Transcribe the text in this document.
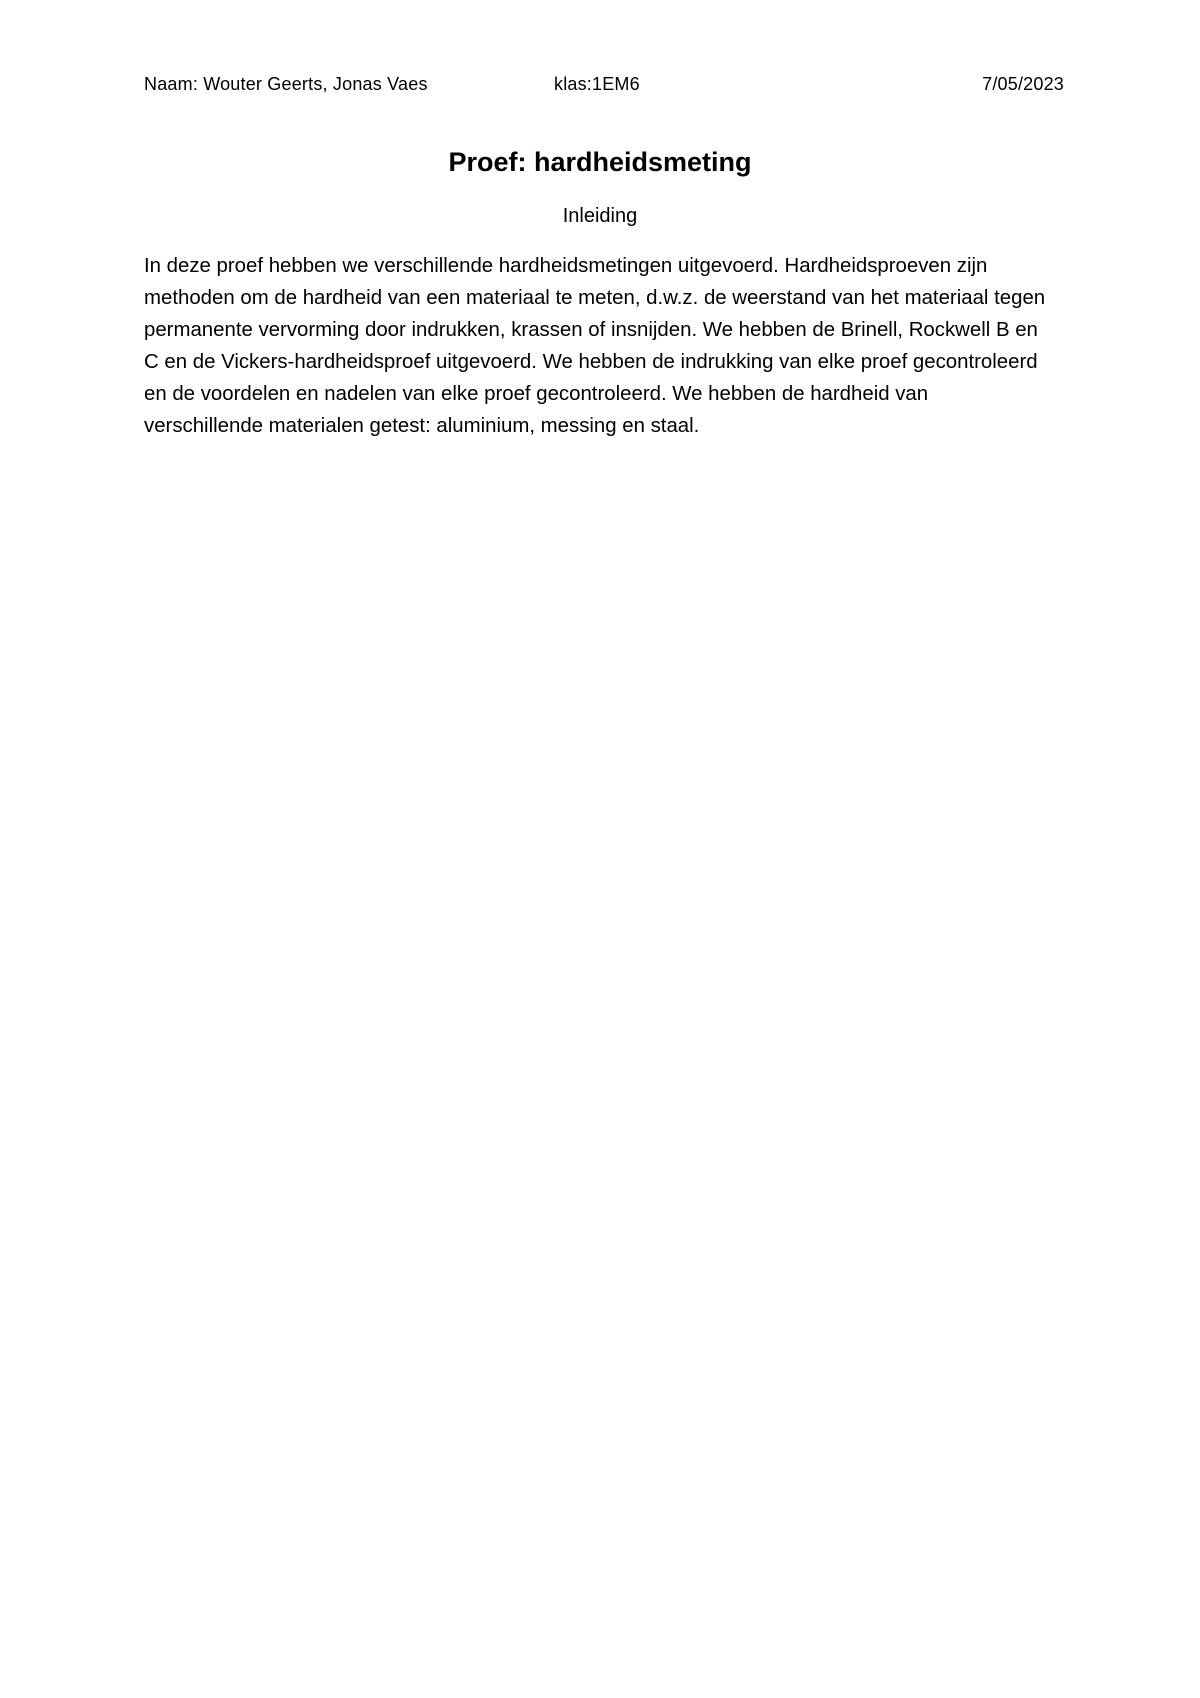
Naam: Wouter Geerts, Jonas Vaes	klas:1EM6	7/05/2023
Proef: hardheidsmeting
Inleiding

In deze proef hebben we verschillende hardheidsmetingen uitgevoerd. Hardheidsproeven zijn methoden om de hardheid van een materiaal te meten, d.w.z. de weerstand van het materiaal tegen permanente vervorming door indrukken, krassen of insnijden. We hebben de Brinell, Rockwell B en C en de Vickers-hardheidsproef uitgevoerd. We hebben de indrukking van elke proef gecontroleerd en de voordelen en nadelen van elke proef gecontroleerd. We hebben de hardheid van verschillende materialen getest: aluminium, messing en staal.
